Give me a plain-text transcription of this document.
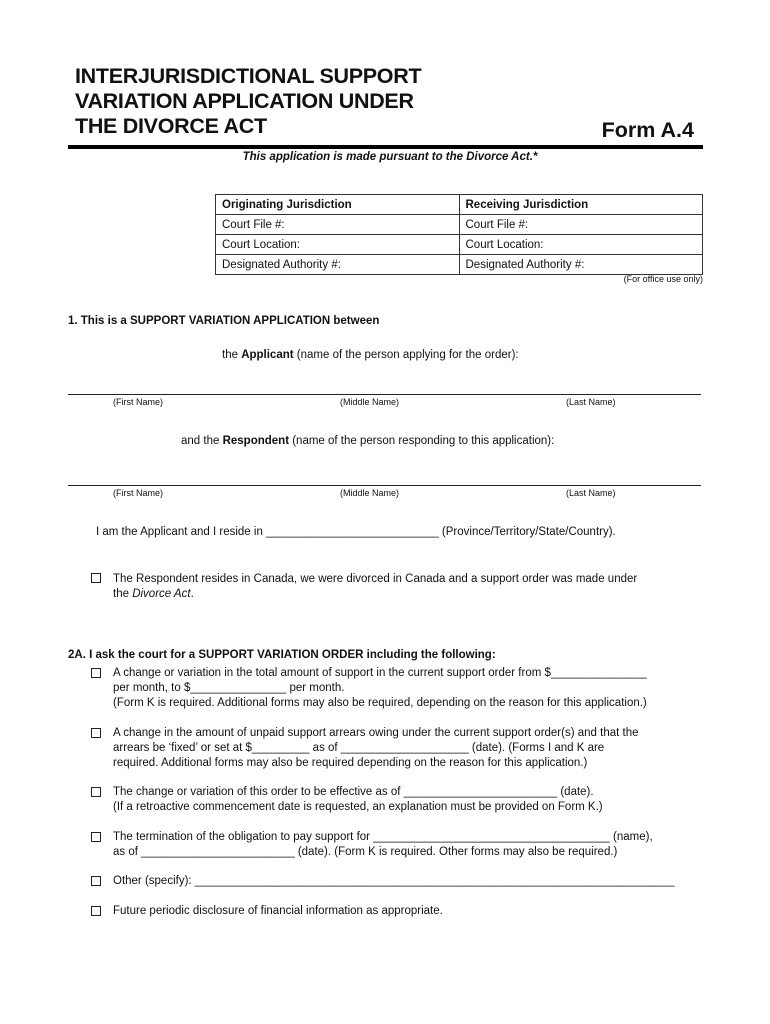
INTERJURISDICTIONAL SUPPORT
VARIATION APPLICATION UNDER
THE DIVORCE ACT	Form A.4
This application is made pursuant to the Divorce Act.*
Originating Jurisdiction	Receiving Jurisdiction
Court File #:	Court File #:
Court Location:	Court Location:
Designated Authority #:	Designated Authority #:
(For office use only)
1. This is a SUPPORT VARIATION APPLICATION between
the Applicant (name of the person applying for the order):
(First Name)	(Middle Name)	(Last Name)
and the Respondent (name of the person responding to this application):
(First Name)	(Middle Name)	(Last Name)
I am the Applicant and I reside in ___________________________ (Province/Territory/State/Country).
The Respondent resides in Canada, we were divorced in Canada and a support order was made under
the Divorce Act.
2A. I ask the court for a SUPPORT VARIATION ORDER including the following:
A change or variation in the total amount of support in the current support order from $_______________
per month, to $_______________ per month.
(Form K is required. Additional forms may also be required, depending on the reason for this application.)
A change in the amount of unpaid support arrears owing under the current support order(s) and that the
arrears be ‘fixed’ or set at $_________ as of ____________________ (date). (Forms I and K are
required. Additional forms may also be required depending on the reason for this application.)
The change or variation of this order to be effective as of ________________________ (date).
(If a retroactive commencement date is requested, an explanation must be provided on Form K.)
The termination of the obligation to pay support for _____________________________________ (name),
as of ________________________ (date). (Form K is required. Other forms may also be required.)
Other (specify): ___________________________________________________________________________
Future periodic disclosure of financial information as appropriate.
